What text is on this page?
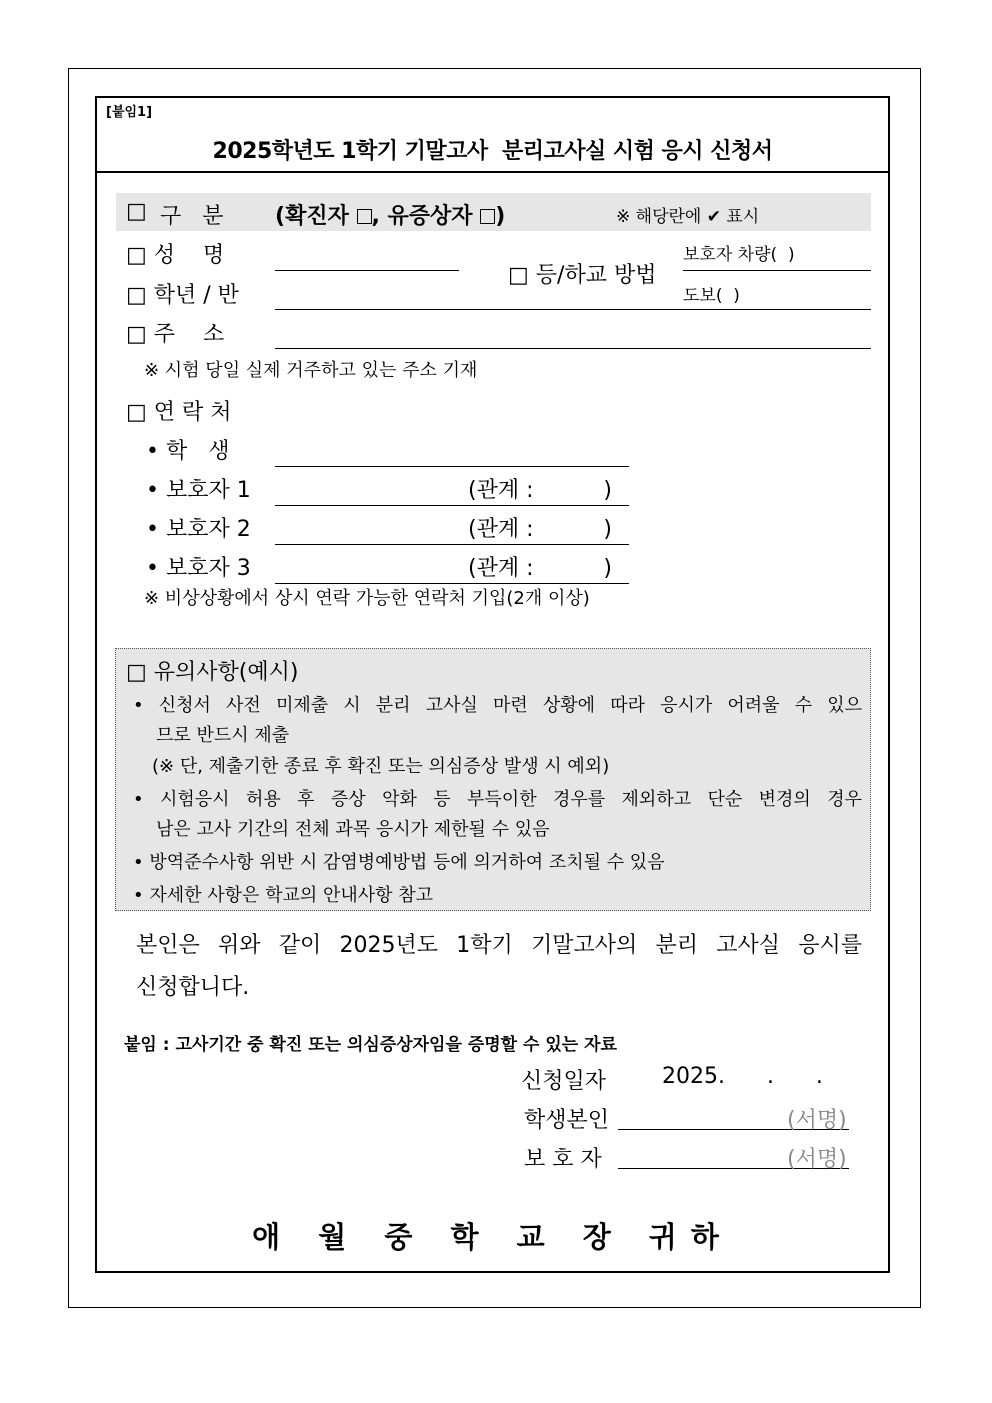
[붙임1]
2025학년도 1학기 기말고사  분리고사실 시험 응시 신청서
□ 구   분 (확진자 , 유증상자 )	※ 해당란에 ✔ 표시
□ 성    명
□ 학년 / 반
□ 등/하교 방법
보호자 차량(  )
도보(  )
□ 주    소
※ 시험 당일 실제 거주하고 있는 주소 기재
□ 연 락 처
• 학   생
• 보호자 1	(관계 :          )
• 보호자 2	(관계 :          )
• 보호자 3	(관계 :          )
※ 비상상황에서 상시 연락 가능한 연락처 기입(2개 이상)
□ 유의사항(예시)
• 신청서 사전 미제출 시 분리 고사실 마련 상황에 따라 응시가 어려울 수 있으
므로 반드시 제출
(※ 단, 제출기한 종료 후 확진 또는 의심증상 발생 시 예외)
• 시험응시 허용 후 증상 악화 등 부득이한 경우를 제외하고 단순 변경의 경우
남은 고사 기간의 전체 과목 응시가 제한될 수 있음
• 방역준수사항 위반 시 감염병예방법 등에 의거하여 조치될 수 있음
• 자세한 사항은 학교의 안내사항 참고
본인은 위와 같이 2025년도 1학기 기말고사의 분리 고사실 응시를
신청합니다.
붙임 : 고사기간 중 확진 또는 의심증상자임을 증명할 수 있는 자료
신청일자	2025.      .      .
학생본인	(서명)
보 호 자	(서명)
애 월 중 학 교 장 귀하
